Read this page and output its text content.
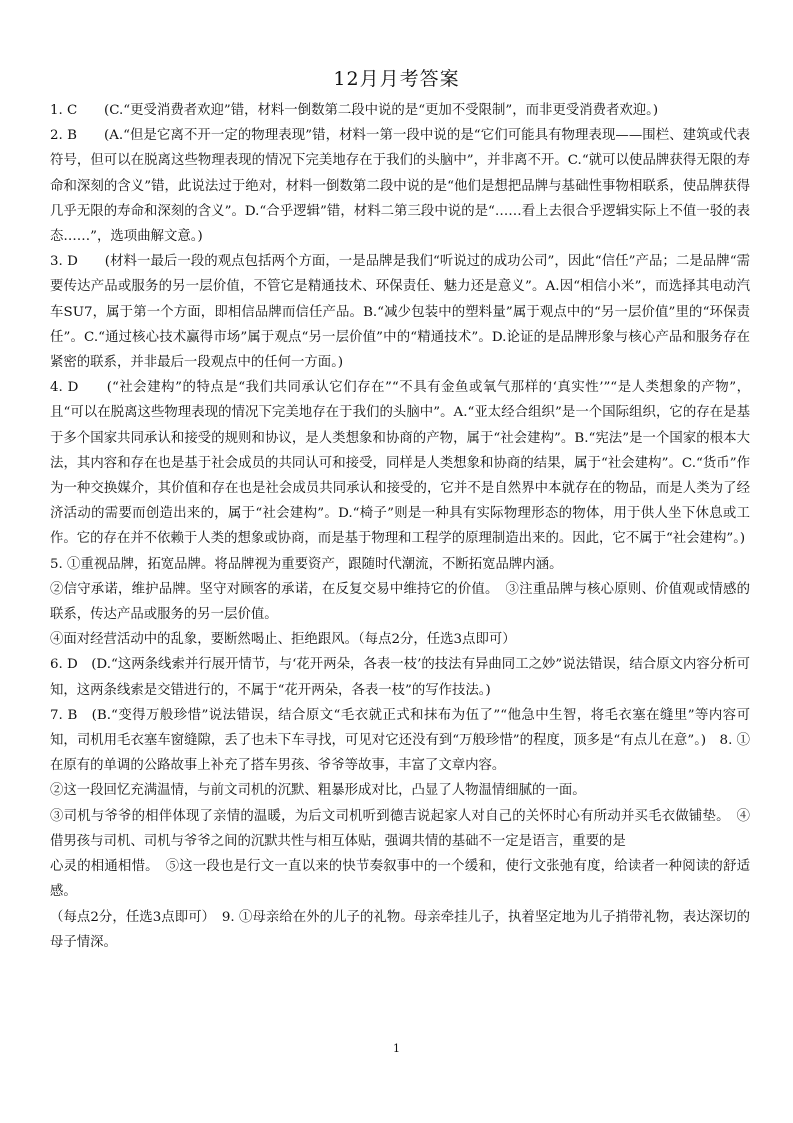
12月月考答案

1. C　　(C.“更受消费者欢迎”错，材料一倒数第二段中说的是“更加不受限制”，而非更受消费者欢迎。)

2. B　　(A.“但是它离不开一定的物理表现”错，材料一第一段中说的是“它们可能具有物理表现——围栏、建筑或代表符号，但可以在脱离这些物理表现的情况下完美地存在于我们的头脑中”，并非离不开。C.“就可以使品牌获得无限的寿命和深刻的含义”错，此说法过于绝对，材料一倒数第二段中说的是“他们是想把品牌与基础性事物相联系，使品牌获得几乎无限的寿命和深刻的含义”。D.“合乎逻辑”错，材料二第三段中说的是“……看上去很合乎逻辑实际上不值一驳的表态……”，选项曲解文意。)

3. D　　(材料一最后一段的观点包括两个方面，一是品牌是我们“听说过的成功公司”，因此“信任”产品；二是品牌“需要传达产品或服务的另一层价值，不管它是精通技术、环保责任、魅力还是意义”。A.因“相信小米”，而选择其电动汽车SU7，属于第一个方面，即相信品牌而信任产品。B.“减少包装中的塑料量”属于观点中的“另一层价值”里的“环保责任”。C.“通过核心技术赢得市场”属于观点“另一层价值”中的“精通技术”。D.论证的是品牌形象与核心产品和服务存在紧密的联系，并非最后一段观点中的任何一方面。)

4. D　　(“社会建构”的特点是“我们共同承认它们存在”“不具有金鱼或氧气那样的‘真实性’”“是人类想象的产物”，且“可以在脱离这些物理表现的情况下完美地存在于我们的头脑中”。A.“亚太经合组织”是一个国际组织，它的存在是基于多个国家共同承认和接受的规则和协议，是人类想象和协商的产物，属于“社会建构”。B.“宪法”是一个国家的根本大法，其内容和存在也是基于社会成员的共同认可和接受，同样是人类想象和协商的结果，属于“社会建构”。C.“货币”作为一种交换媒介，其价值和存在也是社会成员共同承认和接受的，它并不是自然界中本就存在的物品，而是人类为了经济活动的需要而创造出来的，属于“社会建构”。D.“椅子”则是一种具有实际物理形态的物体，用于供人坐下休息或工作。它的存在并不依赖于人类的想象或协商，而是基于物理和工程学的原理制造出来的。因此，它不属于“社会建构”。)

5. ①重视品牌，拓宽品牌。将品牌视为重要资产，跟随时代潮流，不断拓宽品牌内涵。

②信守承诺，维护品牌。坚守对顾客的承诺，在反复交易中维持它的价值。　③注重品牌与核心原则、价值观或情感的联系，传达产品或服务的另一层价值。

④面对经营活动中的乱象，要断然喝止、拒绝跟风。（每点2分，任选3点即可）

6. D　(D.“这两条线索并行展开情节，与‘花开两朵，各表一枝’的技法有异曲同工之妙”说法错误，结合原文内容分析可知，这两条线索是交错进行的，不属于“花开两朵，各表一枝”的写作技法。)

7. B　(B.“变得万般珍惜”说法错误，结合原文“毛衣就正式和抹布为伍了”“他急中生智，将毛衣塞在缝里”等内容可知，司机用毛衣塞车窗缝隙，丢了也未下车寻找，可见对它还没有到“万般珍惜”的程度，顶多是“有点儿在意”。)　8. ①在原有的单调的公路故事上补充了搭车男孩、爷爷等故事，丰富了文章内容。

②这一段回忆充满温情，与前文司机的沉默、粗暴形成对比，凸显了人物温情细腻的一面。

③司机与爷爷的相伴体现了亲情的温暖，为后文司机听到德吉说起家人对自己的关怀时心有所动并买毛衣做铺垫。　④借男孩与司机、司机与爷爷之间的沉默共性与相互体贴，强调共情的基础不一定是语言，重要的是

心灵的相通相惜。　⑤这一段也是行文一直以来的快节奏叙事中的一个缓和，使行文张弛有度，给读者一种阅读的舒适感。

（每点2分，任选3点即可）　9. ①母亲给在外的儿子的礼物。母亲牵挂儿子，执着坚定地为儿子捎带礼物，表达深切的母子情深。

1
